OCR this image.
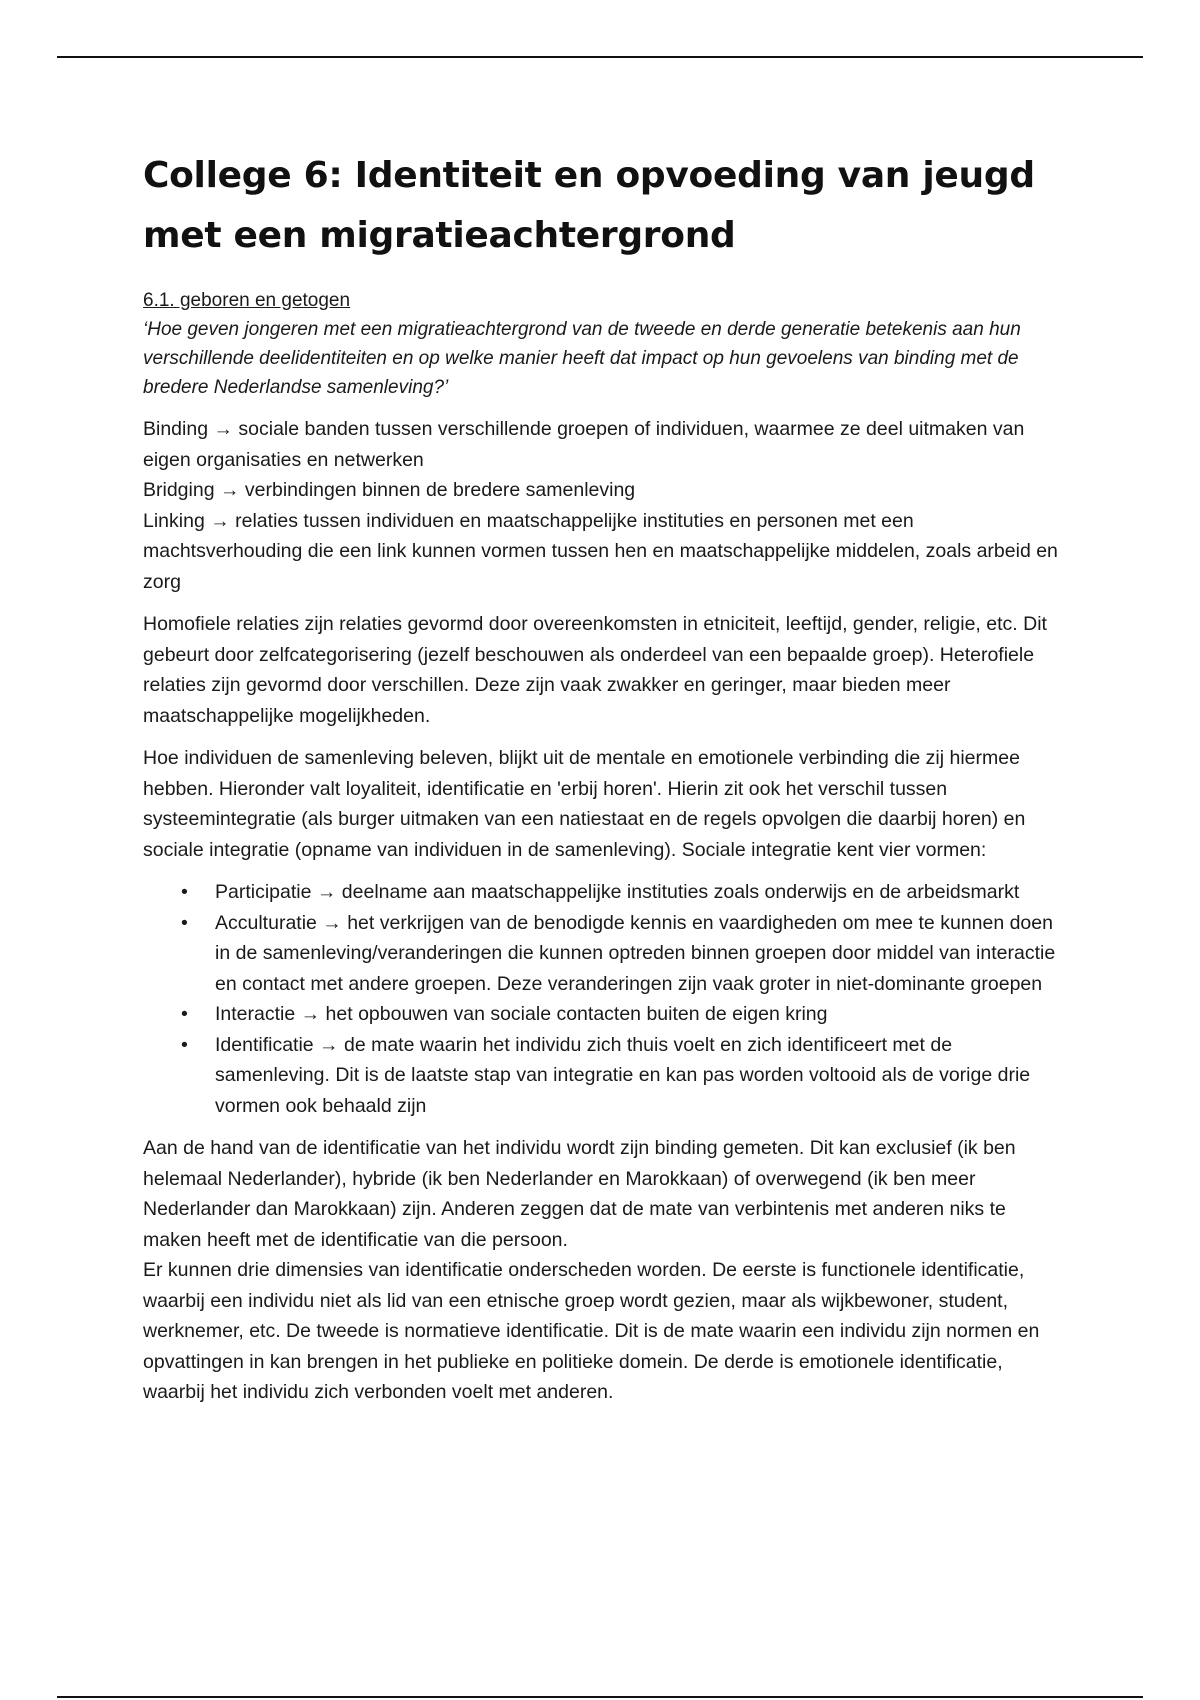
College 6: Identiteit en opvoeding van jeugd met een migratieachtergrond
6.1. geboren en getogen
‘Hoe geven jongeren met een migratieachtergrond van de tweede en derde generatie betekenis aan hun verschillende deelidentiteiten en op welke manier heeft dat impact op hun gevoelens van binding met de bredere Nederlandse samenleving?’

Binding → sociale banden tussen verschillende groepen of individuen, waarmee ze deel uitmaken van eigen organisaties en netwerken

Bridging → verbindingen binnen de bredere samenleving

Linking → relaties tussen individuen en maatschappelijke instituties en personen met een machtsverhouding die een link kunnen vormen tussen hen en maatschappelijke middelen, zoals arbeid en zorg

Homofiele relaties zijn relaties gevormd door overeenkomsten in etniciteit, leeftijd, gender, religie, etc. Dit gebeurt door zelfcategorisering (jezelf beschouwen als onderdeel van een bepaalde groep). Heterofiele relaties zijn gevormd door verschillen. Deze zijn vaak zwakker en geringer, maar bieden meer maatschappelijke mogelijkheden.

Hoe individuen de samenleving beleven, blijkt uit de mentale en emotionele verbinding die zij hiermee hebben. Hieronder valt loyaliteit, identificatie en 'erbij horen'. Hierin zit ook het verschil tussen systeemintegratie (als burger uitmaken van een natiestaat en de regels opvolgen die daarbij horen) en sociale integratie (opname van individuen in de samenleving). Sociale integratie kent vier vormen:

• Participatie → deelname aan maatschappelijke instituties zoals onderwijs en de arbeidsmarkt
• Acculturatie → het verkrijgen van de benodigde kennis en vaardigheden om mee te kunnen doen in de samenleving/veranderingen die kunnen optreden binnen groepen door middel van interactie en contact met andere groepen. Deze veranderingen zijn vaak groter in niet-dominante groepen
• Interactie → het opbouwen van sociale contacten buiten de eigen kring
• Identificatie → de mate waarin het individu zich thuis voelt en zich identificeert met de samenleving. Dit is de laatste stap van integratie en kan pas worden voltooid als de vorige drie vormen ook behaald zijn

Aan de hand van de identificatie van het individu wordt zijn binding gemeten. Dit kan exclusief (ik ben helemaal Nederlander), hybride (ik ben Nederlander en Marokkaan) of overwegend (ik ben meer Nederlander dan Marokkaan) zijn. Anderen zeggen dat de mate van verbintenis met anderen niks te maken heeft met de identificatie van die persoon.

Er kunnen drie dimensies van identificatie onderscheden worden. De eerste is functionele identificatie, waarbij een individu niet als lid van een etnische groep wordt gezien, maar als wijkbewoner, student, werknemer, etc. De tweede is normatieve identificatie. Dit is de mate waarin een individu zijn normen en opvattingen in kan brengen in het publieke en politieke domein. De derde is emotionele identificatie, waarbij het individu zich verbonden voelt met anderen.
